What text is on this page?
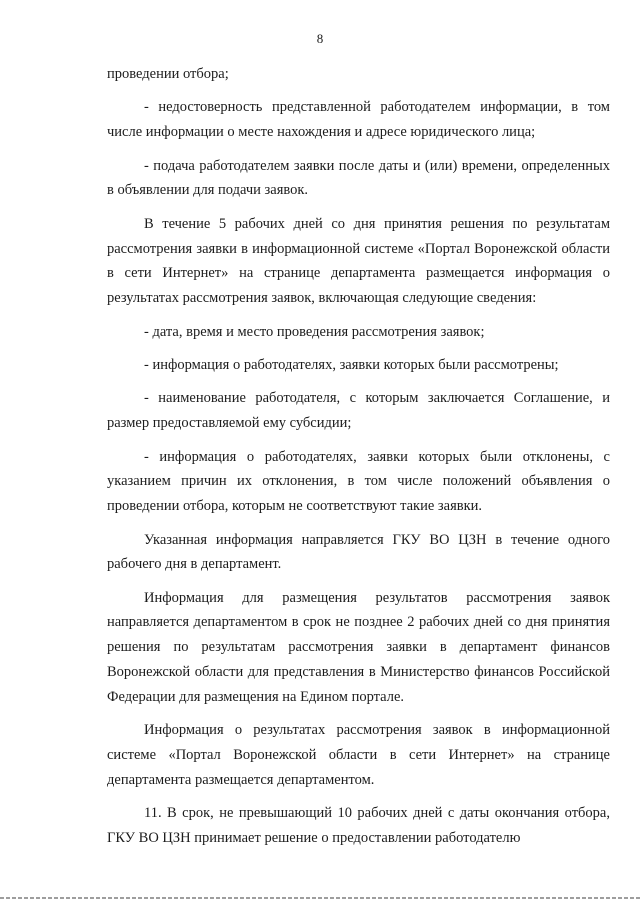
8

проведении отбора;

- недостоверность представленной работодателем информации, в том числе информации о месте нахождения и адресе юридического лица;

- подача работодателем заявки после даты и (или) времени, определенных в объявлении для подачи заявок.

В течение 5 рабочих дней со дня принятия решения по результатам рассмотрения заявки в информационной системе «Портал Воронежской области в сети Интернет» на странице департамента размещается информация о результатах рассмотрения заявок, включающая следующие сведения:

- дата, время и место проведения рассмотрения заявок;

- информация о работодателях, заявки которых были рассмотрены;

- наименование работодателя, с которым заключается Соглашение, и размер предоставляемой ему субсидии;

- информация о работодателях, заявки которых были отклонены, с указанием причин их отклонения, в том числе положений объявления о проведении отбора, которым не соответствуют такие заявки.

Указанная информация направляется ГКУ ВО ЦЗН в течение одного рабочего дня в департамент.

Информация для размещения результатов рассмотрения заявок направляется департаментом в срок не позднее 2 рабочих дней со дня принятия решения по результатам рассмотрения заявки в департамент финансов Воронежской области для представления в Министерство финансов Российской Федерации для размещения на Едином портале.

Информация о результатах рассмотрения заявок в информационной системе «Портал Воронежской области в сети Интернет» на странице департамента размещается департаментом.

11. В срок, не превышающий 10 рабочих дней с даты окончания отбора, ГКУ ВО ЦЗН принимает решение о предоставлении работодателю
